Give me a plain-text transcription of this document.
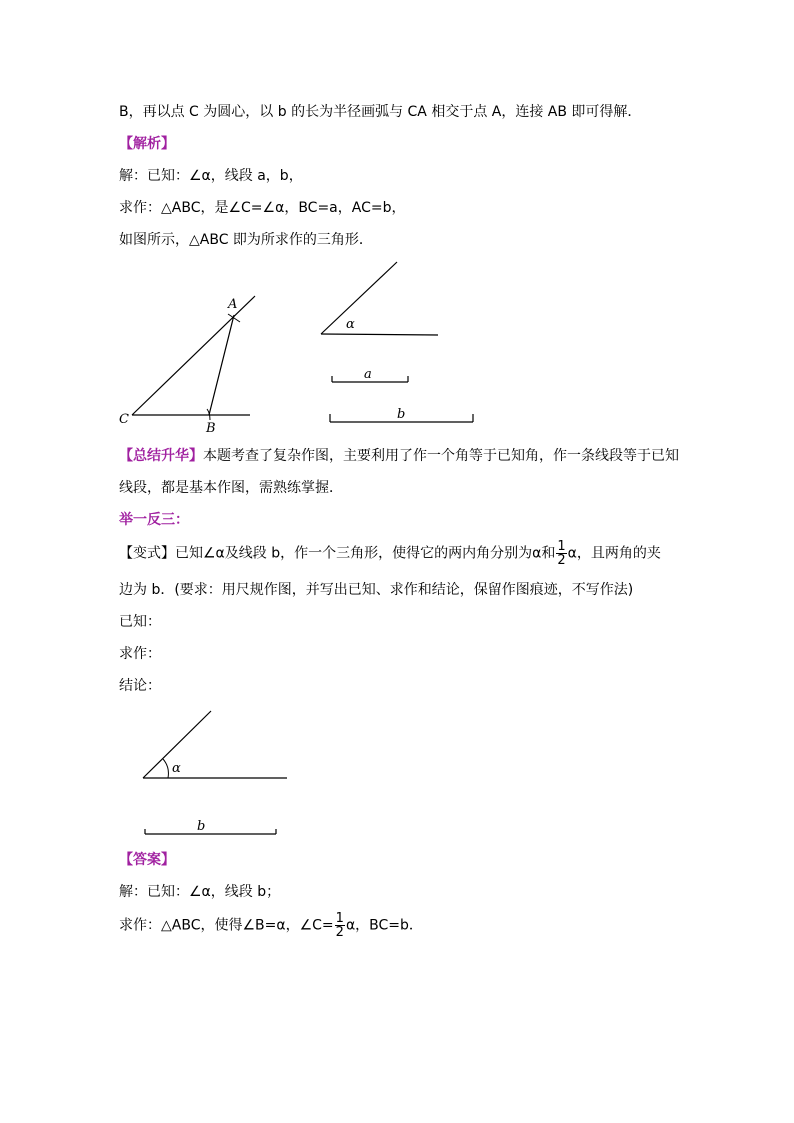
B，再以点 C 为圆心，以 b 的长为半径画弧与 CA 相交于点 A，连接 AB 即可得解．
【解析】
解：已知：∠α，线段 a，b，
求作：△ABC，是∠C=∠α，BC=a，AC=b，
如图所示，△ABC 即为所求作的三角形．
A
B
C
α
a
b
α
b
【总结升华】本题考查了复杂作图，主要利用了作一个角等于已知角，作一条线段等于已知
线段，都是基本作图，需熟练掌握．
举一反三：
【变式】已知∠α及线段 b，作一个三角形，使得它的两内角分别为α和 $\frac{1}{2}$ α，且两角的夹
边为 b．(要求：用尺规作图，并写出已知、求作和结论，保留作图痕迹，不写作法)
已知：
求作：
结论：
【答案】
解：已知：∠α，线段 b；
求作：△ABC，使得∠B=α，∠C= $\frac{1}{2}$ α，BC=b．
